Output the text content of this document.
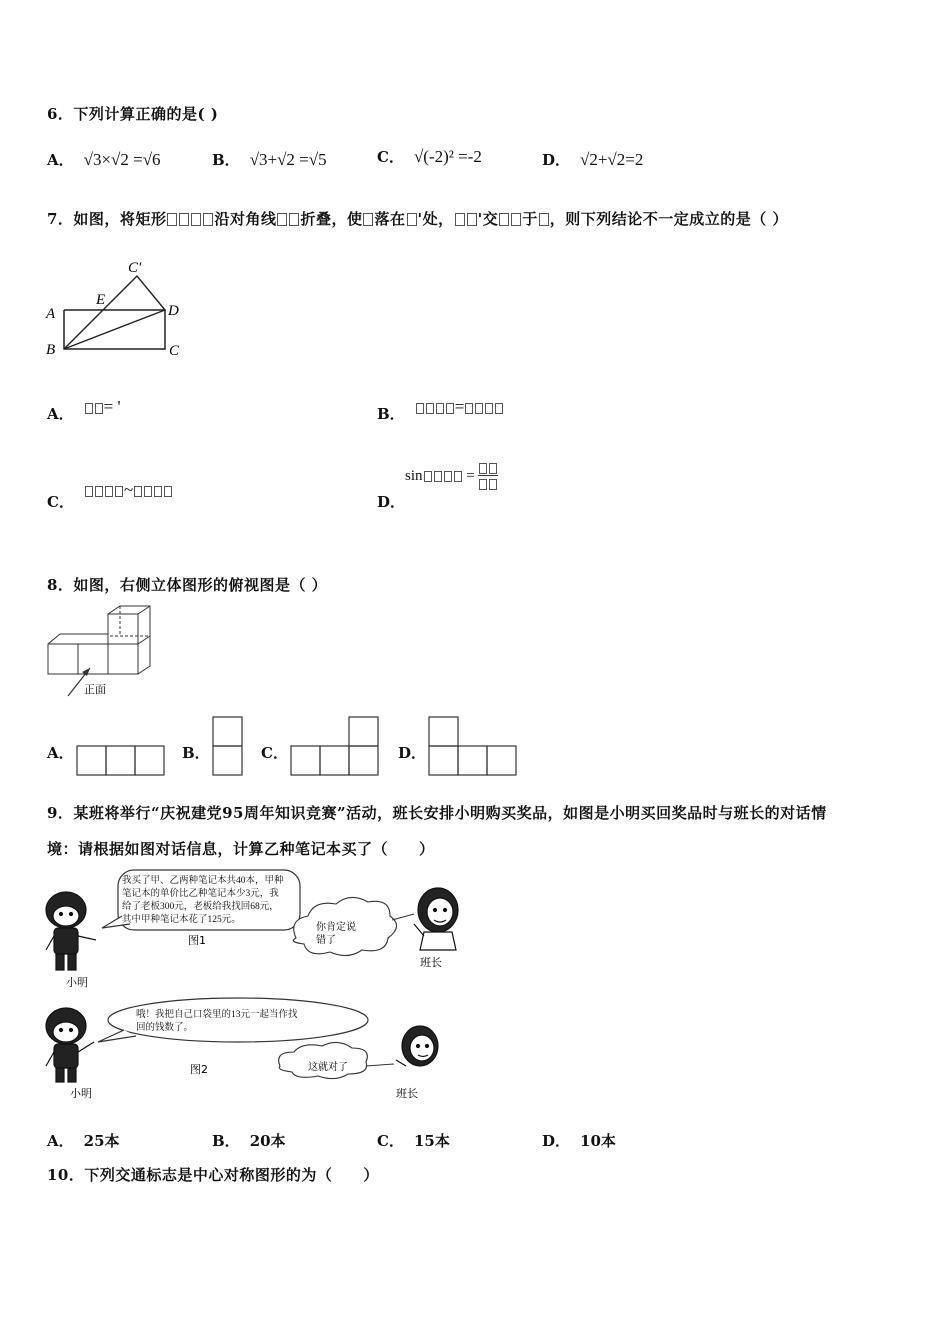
6．下列计算正确的是( )
A． √3×√2 =√6	B． √3+√2 =√5	C． √(-2)² =-2	D． √2+√2=2
7．如图，将矩形	沿对角线 折叠，使 落在 '处， '交 于 ，则下列结论不一定成立的是（ ）
A
B	C
D
E
C'
A． = '	B．	=
C．~
D．
sin	=

8．如图，右侧立体图形的俯视图是（ ）
正面
A．	B．	C．	D．
9．某班将举行“庆祝建党95周年知识竞赛”活动，班长安排小明购买奖品，如图是小明买回奖品时与班长的对话情
境：请根据如图对话信息，计算乙种笔记本买了（　　）
我买了甲、乙两种笔记本共40本，甲种
笔记本的单价比乙种笔记本少3元，我
给了老板300元，老板给我找回68元，
其中甲种笔记本花了125元。
图1
小明
你肯定说
错了
班长
哦！我把自己口袋里的13元一起当作找
回的钱数了。
图2
小明
这就对了
班长
A． 25本	B． 20本	C． 15本	D． 10本
10．下列交通标志是中心对称图形的为（　　）
